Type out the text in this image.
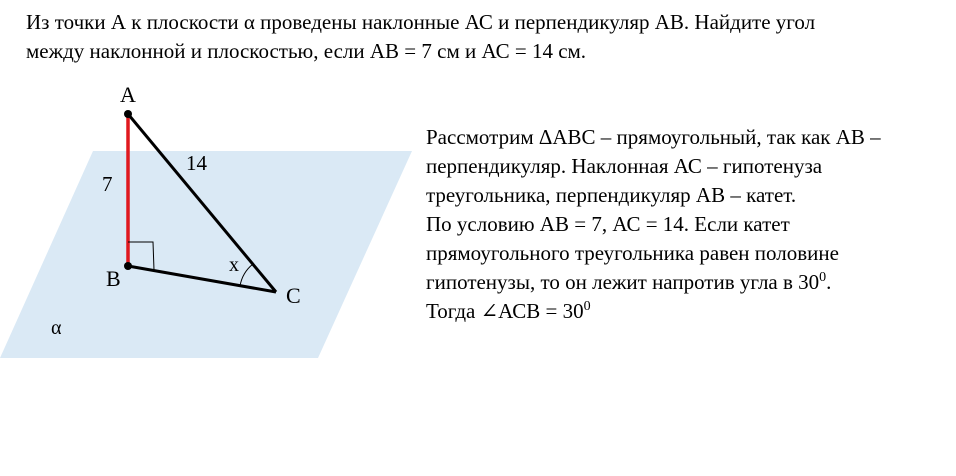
Из точки А к плоскости α проведены наклонные АС и перпендикуляр АВ. Найдите угол
между наклонной и плоскостью, если АВ = 7 см и АС = 14 см.

A
B
C
7
14
x
α
Рассмотрим ΔАВС – прямоугольный, так как АВ –
перпендикуляр. Наклонная АС – гипотенуза
треугольника, перпендикуляр АВ – катет.
По условию АВ = 7, АС = 14. Если катет
прямоугольного треугольника равен половине
гипотенузы, то он лежит напротив угла в $30^0$.
Тогда ∠АСВ = $30^0$
